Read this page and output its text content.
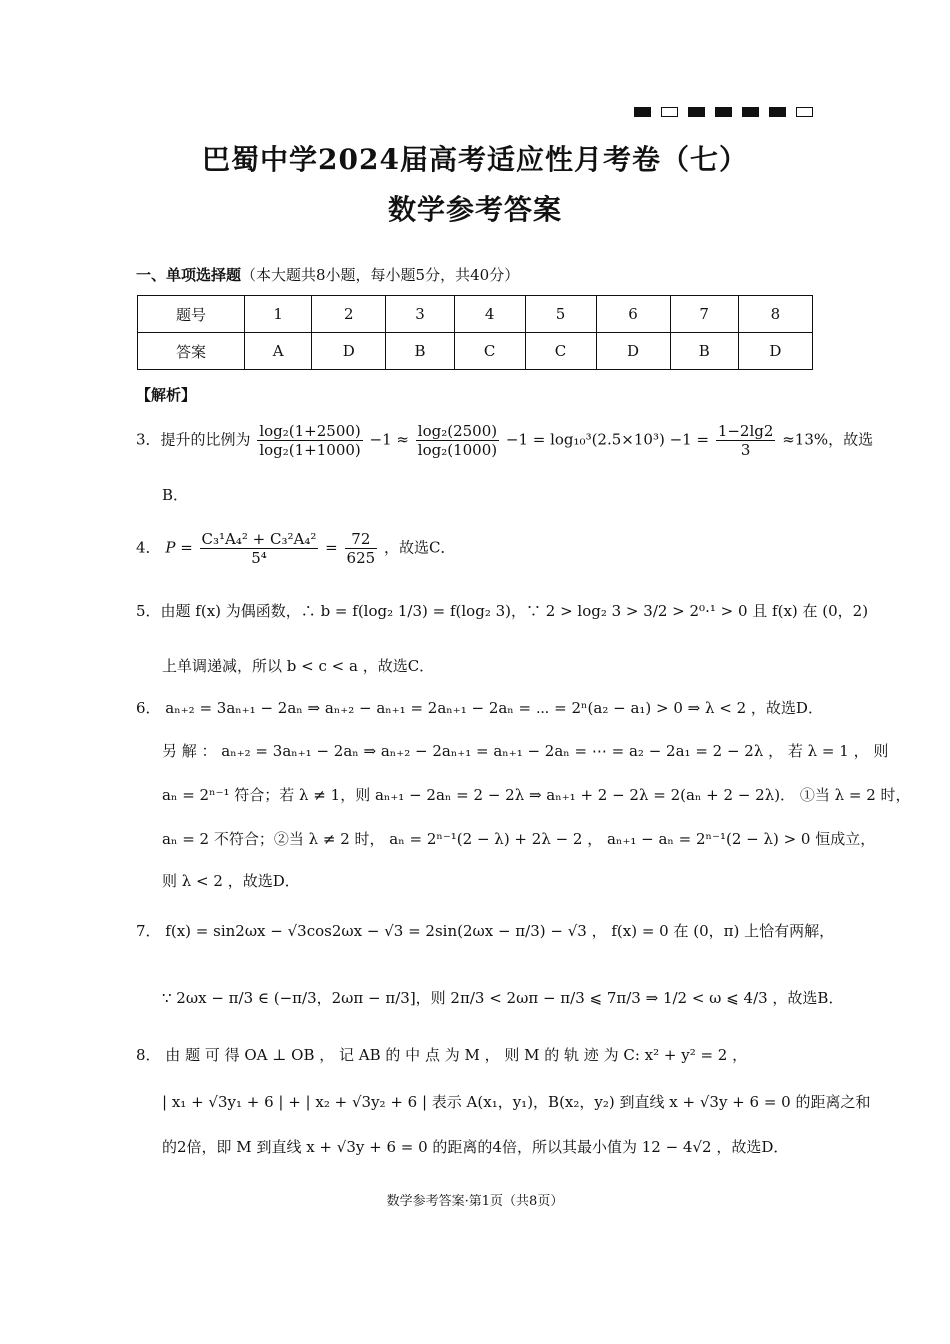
巴蜀中学2024届高考适应性月考卷（七）
数学参考答案
一、单项选择题（本大题共8小题，每小题5分，共40分）
题号	1	2	3	4	5	6	7	8
答案	A	D	B	C	C	D	B	D
【解析】
3．提升的比例为 $\frac{\text{log₂(1+2500)}}{\text{log₂(1+1000)}} -1 \approx \frac{\text{log₂(2500)}}{\text{log₂(1000)}} -1 = \log_{10}^3(2.5\times 10^3) -1 = \frac{1-2\lg 2}{3} \approx 13\%$，故选
B．
4． $P = \frac{\text{C₃¹A₄² + C₃²A₄²}}{\text{5⁴}} = \frac{72}{625}$ ，故选C．
5．由题 f(x) 为偶函数，∴ b = f(log₂ 1/3) = f(log₂ 3)，∵ 2 > log₂ 3 > 3/2 > 2⁰·¹ > 0 且 f(x) 在 (0，2)
上单调递减，所以 b < c < a ，故选C．
6． aₙ₊₂ = 3aₙ₊₁ − 2aₙ ⇒ aₙ₊₂ − aₙ₊₁ = 2aₙ₊₁ − 2aₙ = ⋯ = 2ⁿ(a₂ − a₁) > 0 ⇒ λ < 2 ，故选D．
另 解 ： aₙ₊₂ = 3aₙ₊₁ − 2aₙ ⇒ aₙ₊₂ − 2aₙ₊₁ = aₙ₊₁ − 2aₙ = ⋯ = a₂ − 2a₁ = 2 − 2λ ， 若 λ = 1 ， 则
aₙ = 2ⁿ⁻¹ 符合；若 λ ≠ 1，则 aₙ₊₁ − 2aₙ = 2 − 2λ ⇒ aₙ₊₁ + 2 − 2λ = 2(aₙ + 2 − 2λ)． ①当 λ = 2 时，
aₙ = 2 不符合；②当 λ ≠ 2 时， aₙ = 2ⁿ⁻¹(2 − λ) + 2λ − 2 ， aₙ₊₁ − aₙ = 2ⁿ⁻¹(2 − λ) > 0 恒成立，
则 λ < 2 ，故选D．
7． f(x) = sin2ωx − √3cos2ωx − √3 = 2sin(2ωx − π/3) − √3 ， f(x) = 0 在 (0，π) 上恰有两解，
∵ 2ωx − π/3 ∈ (−π/3，2ωπ − π/3]，则 2π/3 < 2ωπ − π/3 ⩽ 7π/3 ⇒ 1/2 < ω ⩽ 4/3 ，故选B．
8． 由 题 可 得 OA ⊥ OB ， 记 AB 的 中 点 为 M ， 则 M 的 轨 迹 为 C: x² + y² = 2 ，
| x₁ + √3y₁ + 6 | + | x₂ + √3y₂ + 6 | 表示 A(x₁，y₁)，B(x₂，y₂) 到直线 x + √3y + 6 = 0 的距离之和
的2倍，即 M 到直线 x + √3y + 6 = 0 的距离的4倍，所以其最小值为 12 − 4√2 ，故选D．
数学参考答案·第1页（共8页）
